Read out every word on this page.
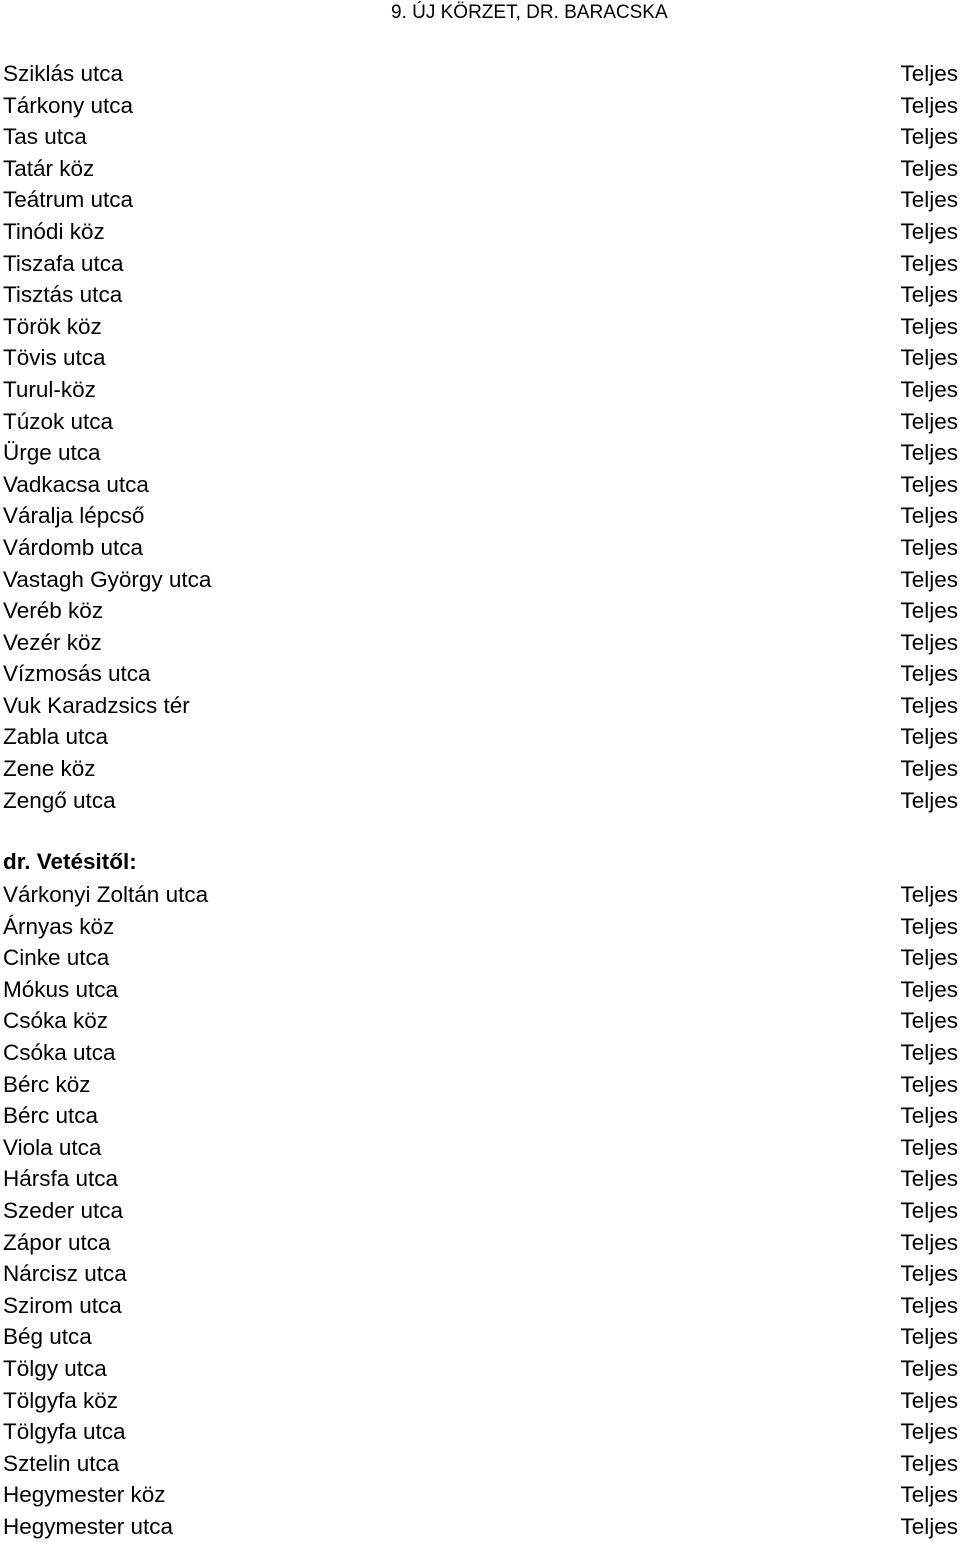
9. ÚJ KÖRZET, DR. BARACSKA
Sziklás utca	Teljes
Tárkony utca	Teljes
Tas utca	Teljes
Tatár köz	Teljes
Teátrum utca	Teljes
Tinódi köz	Teljes
Tiszafa utca	Teljes
Tisztás utca	Teljes
Török köz	Teljes
Tövis utca	Teljes
Turul-köz	Teljes
Túzok utca	Teljes
Ürge utca	Teljes
Vadkacsa utca	Teljes
Váralja lépcső	Teljes
Várdomb utca	Teljes
Vastagh György utca	Teljes
Veréb köz	Teljes
Vezér köz	Teljes
Vízmosás utca	Teljes
Vuk Karadzsics tér	Teljes
Zabla utca	Teljes
Zene köz	Teljes
Zengő utca	Teljes
dr. Vetésitől:
Várkonyi Zoltán utca	Teljes
Árnyas köz	Teljes
Cinke utca	Teljes
Mókus utca	Teljes
Csóka köz	Teljes
Csóka utca	Teljes
Bérc köz	Teljes
Bérc utca	Teljes
Viola utca	Teljes
Hársfa utca	Teljes
Szeder utca	Teljes
Zápor utca	Teljes
Nárcisz utca	Teljes
Szirom utca	Teljes
Bég utca	Teljes
Tölgy utca	Teljes
Tölgyfa köz	Teljes
Tölgyfa utca	Teljes
Sztelin utca	Teljes
Hegymester köz	Teljes
Hegymester utca	Teljes
